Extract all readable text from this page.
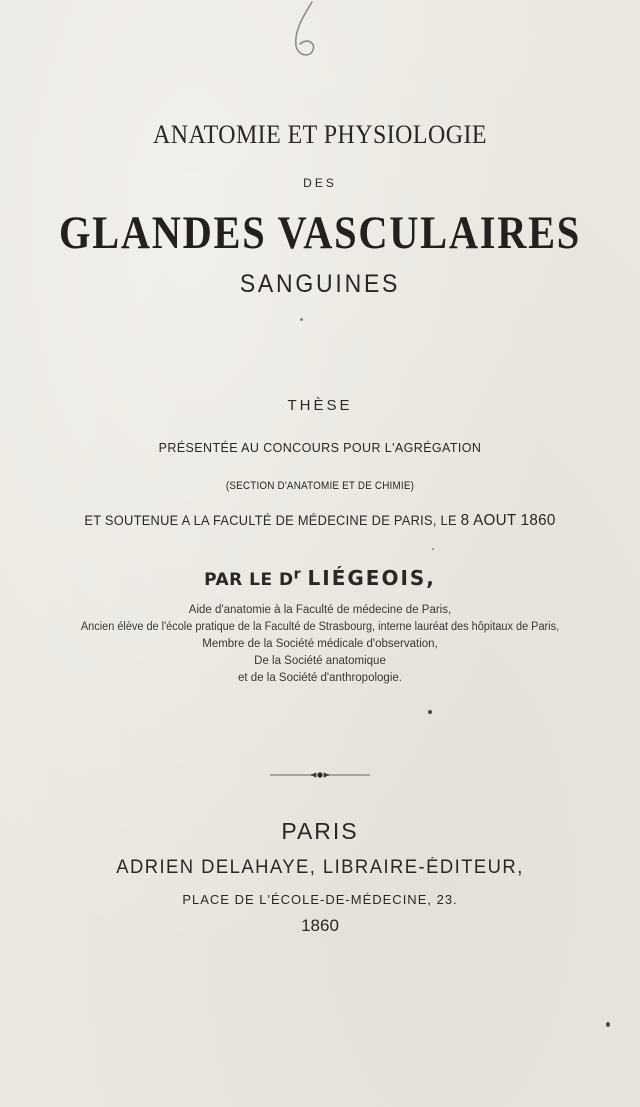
ANATOMIE ET PHYSIOLOGIE
DES
GLANDES VASCULAIRES
SANGUINES
THÈSE
PRÉSENTÉE AU CONCOURS POUR L'AGRÉGATION
(SECTION D'ANATOMIE ET DE CHIMIE)
ET SOUTENUE A LA FACULTÉ DE MÉDECINE DE PARIS, LE 8 AOUT 1860
PAR LE $D^r$ LIÉGEOIS,
Aide d'anatomie à la Faculté de médecine de Paris,
Ancien élève de l'école pratique de la Faculté de Strasbourg, interne lauréat des hôpitaux de Paris,
Membre de la Société médicale d'observation,
De la Société anatomique
et de la Société d'anthropologie.
PARIS
ADRIEN DELAHAYE, LIBRAIRE-ÉDITEUR,
PLACE DE L'ÉCOLE-DE-MÉDECINE, 23.
1860
